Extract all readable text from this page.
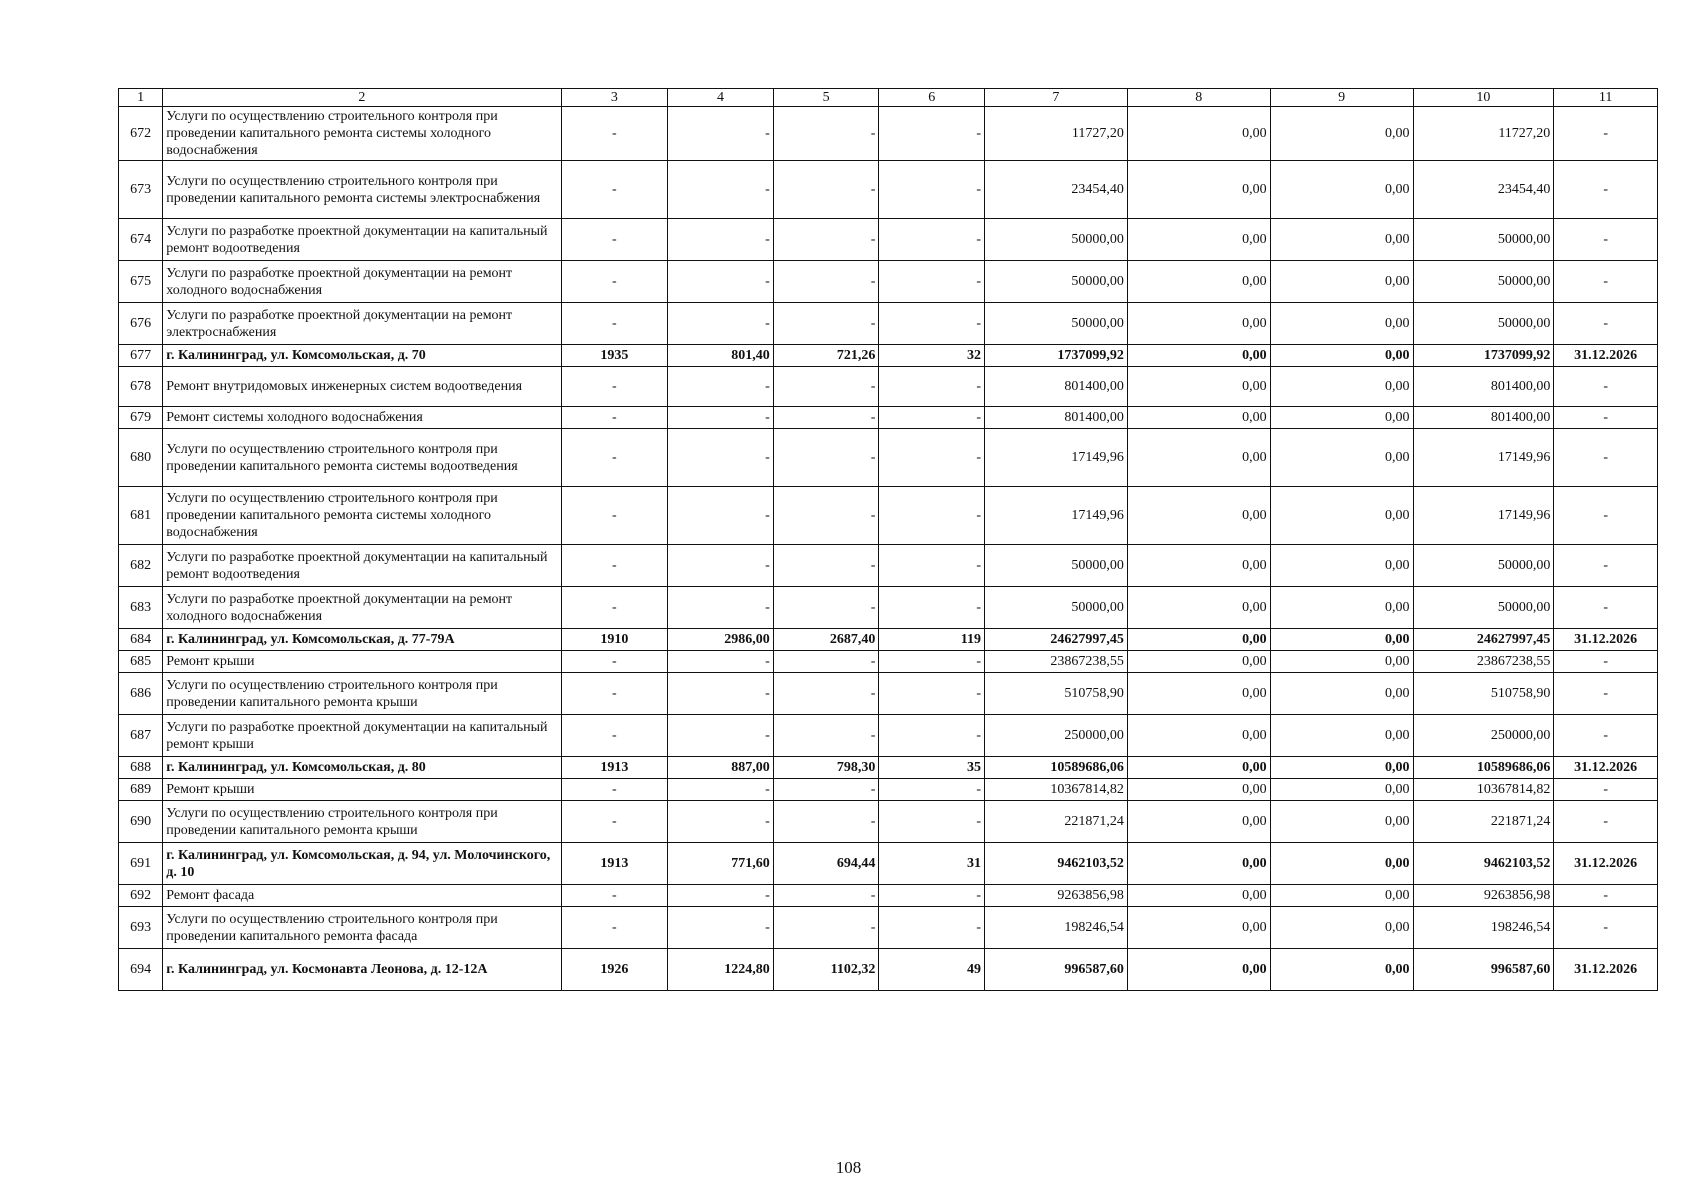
1	2	3	4	5	6	7	8	9	10	11
672	Услуги по осуществлению строительного контроля при проведении капитального ремонта системы холодного водоснабжения	-	-	-	-	11727,20	0,00	0,00	11727,20	-
673	Услуги по осуществлению строительного контроля при проведении капитального ремонта системы электроснабжения	-	-	-	-	23454,40	0,00	0,00	23454,40	-
674	Услуги по разработке проектной документации на капитальный ремонт водоотведения	-	-	-	-	50000,00	0,00	0,00	50000,00	-
675	Услуги по разработке проектной документации на ремонт холодного водоснабжения	-	-	-	-	50000,00	0,00	0,00	50000,00	-
676	Услуги по разработке проектной документации на ремонт электроснабжения	-	-	-	-	50000,00	0,00	0,00	50000,00	-
677	г. Калининград, ул. Комсомольская, д. 70	1935	801,40	721,26	32	1737099,92	0,00	0,00	1737099,92	31.12.2026
678	Ремонт внутридомовых инженерных систем водоотведения	-	-	-	-	801400,00	0,00	0,00	801400,00	-
679	Ремонт системы холодного водоснабжения	-	-	-	-	801400,00	0,00	0,00	801400,00	-
680	Услуги по осуществлению строительного контроля при проведении капитального ремонта системы водоотведения	-	-	-	-	17149,96	0,00	0,00	17149,96	-
681	Услуги по осуществлению строительного контроля при проведении капитального ремонта системы холодного водоснабжения	-	-	-	-	17149,96	0,00	0,00	17149,96	-
682	Услуги по разработке проектной документации на капитальный ремонт водоотведения	-	-	-	-	50000,00	0,00	0,00	50000,00	-
683	Услуги по разработке проектной документации на ремонт холодного водоснабжения	-	-	-	-	50000,00	0,00	0,00	50000,00	-
684	г. Калининград, ул. Комсомольская, д. 77-79А	1910	2986,00	2687,40	119	24627997,45	0,00	0,00	24627997,45	31.12.2026
685	Ремонт крыши	-	-	-	-	23867238,55	0,00	0,00	23867238,55	-
686	Услуги по осуществлению строительного контроля при проведении капитального ремонта крыши	-	-	-	-	510758,90	0,00	0,00	510758,90	-
687	Услуги по разработке проектной документации на капитальный ремонт крыши	-	-	-	-	250000,00	0,00	0,00	250000,00	-
688	г. Калининград, ул. Комсомольская, д. 80	1913	887,00	798,30	35	10589686,06	0,00	0,00	10589686,06	31.12.2026
689	Ремонт крыши	-	-	-	-	10367814,82	0,00	0,00	10367814,82	-
690	Услуги по осуществлению строительного контроля при проведении капитального ремонта крыши	-	-	-	-	221871,24	0,00	0,00	221871,24	-
691	г. Калининград, ул. Комсомольская, д. 94, ул. Молочинского, д. 10	1913	771,60	694,44	31	9462103,52	0,00	0,00	9462103,52	31.12.2026
692	Ремонт фасада	-	-	-	-	9263856,98	0,00	0,00	9263856,98	-
693	Услуги по осуществлению строительного контроля при проведении капитального ремонта фасада	-	-	-	-	198246,54	0,00	0,00	198246,54	-
694	г. Калининград, ул. Космонавта Леонова, д. 12-12А	1926	1224,80	1102,32	49	996587,60	0,00	0,00	996587,60	31.12.2026
108
